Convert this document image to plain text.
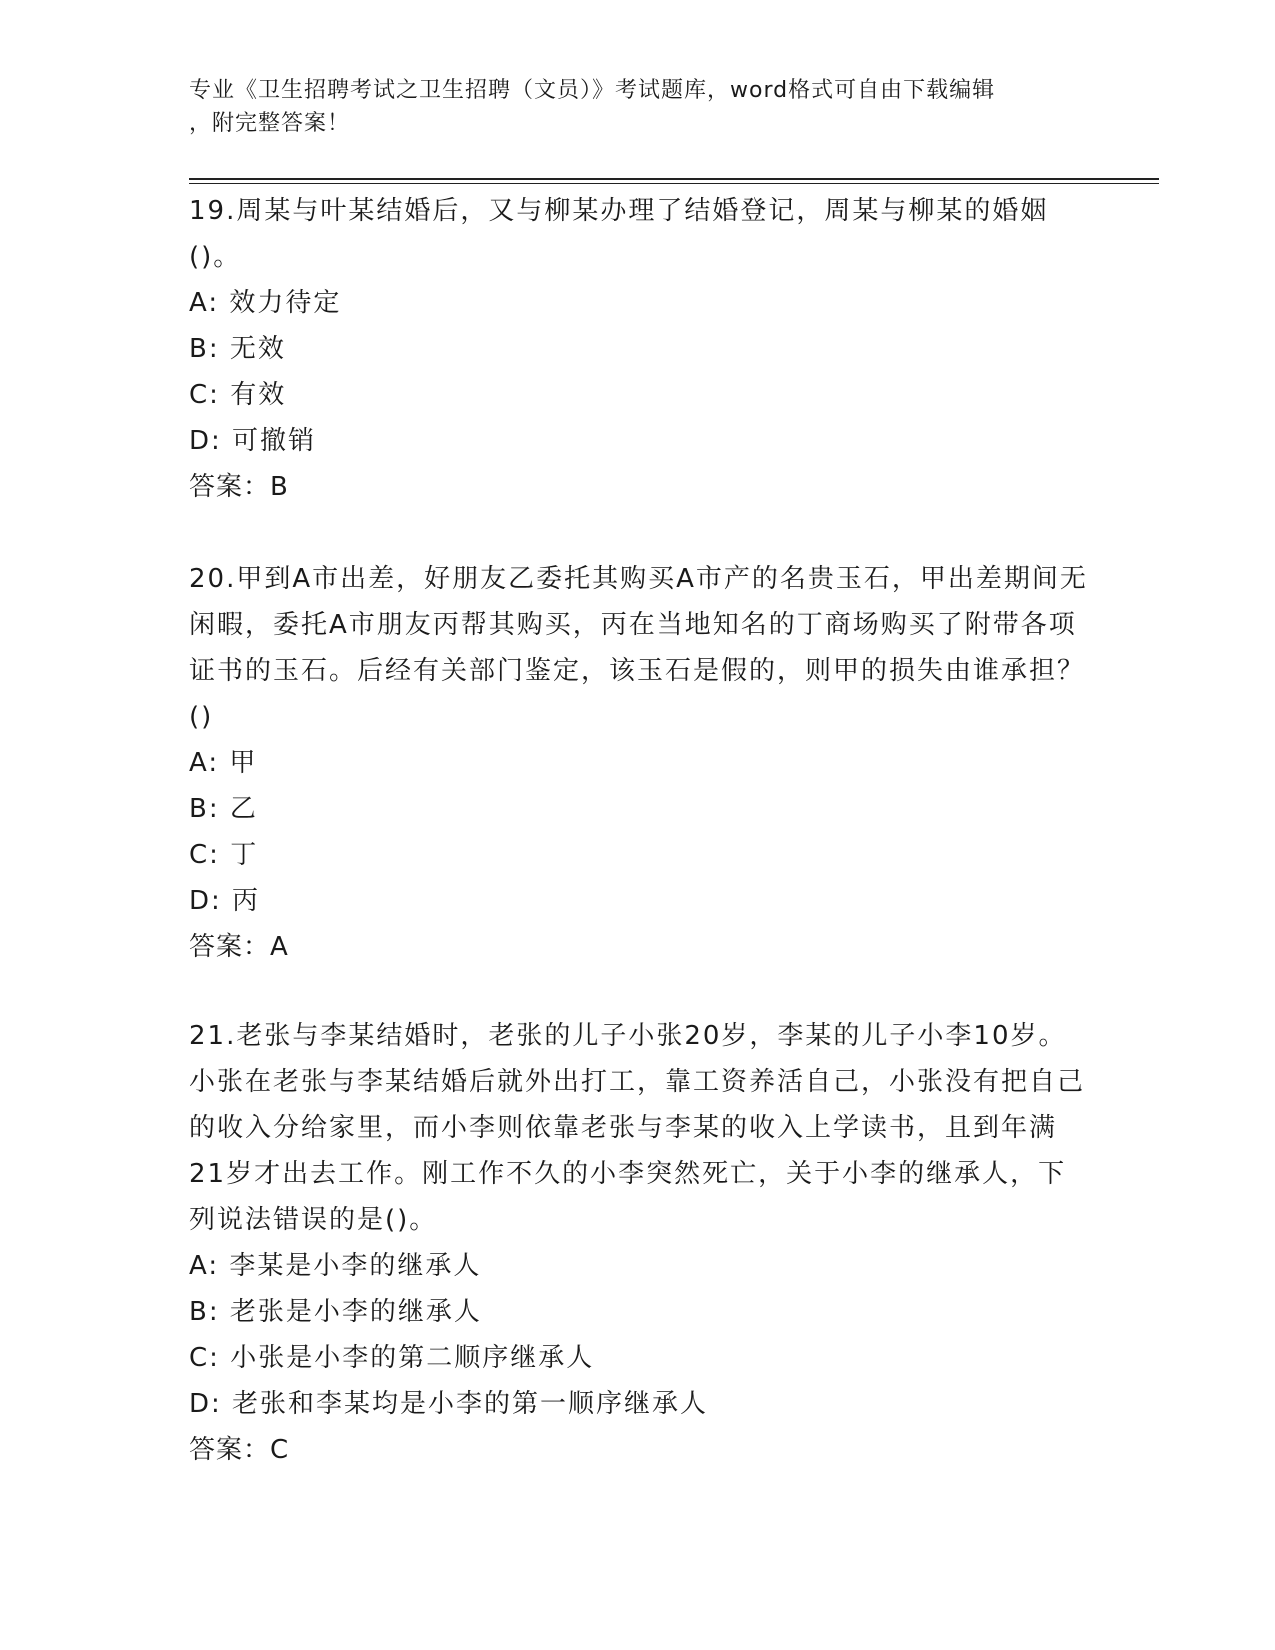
专业《卫生招聘考试之卫生招聘（文员）》考试题库，word格式可自由下载编辑
，附完整答案！
19.周某与叶某结婚后，又与柳某办理了结婚登记，周某与柳某的婚姻()。
A: 效力待定
B: 无效
C: 有效
D: 可撤销
答案：B
20.甲到A市出差，好朋友乙委托其购买A市产的名贵玉石，甲出差期间无闲暇，委托A市朋友丙帮其购买，丙在当地知名的丁商场购买了附带各项证书的玉石。后经有关部门鉴定，该玉石是假的，则甲的损失由谁承担？()
A: 甲
B: 乙
C: 丁
D: 丙
答案：A
21.老张与李某结婚时，老张的儿子小张20岁，李某的儿子小李10岁。小张在老张与李某结婚后就外出打工，靠工资养活自己，小张没有把自己的收入分给家里，而小李则依靠老张与李某的收入上学读书，且到年满21岁才出去工作。刚工作不久的小李突然死亡，关于小李的继承人，下列说法错误的是()。
A: 李某是小李的继承人
B: 老张是小李的继承人
C: 小张是小李的第二顺序继承人
D: 老张和李某均是小李的第一顺序继承人
答案：C
